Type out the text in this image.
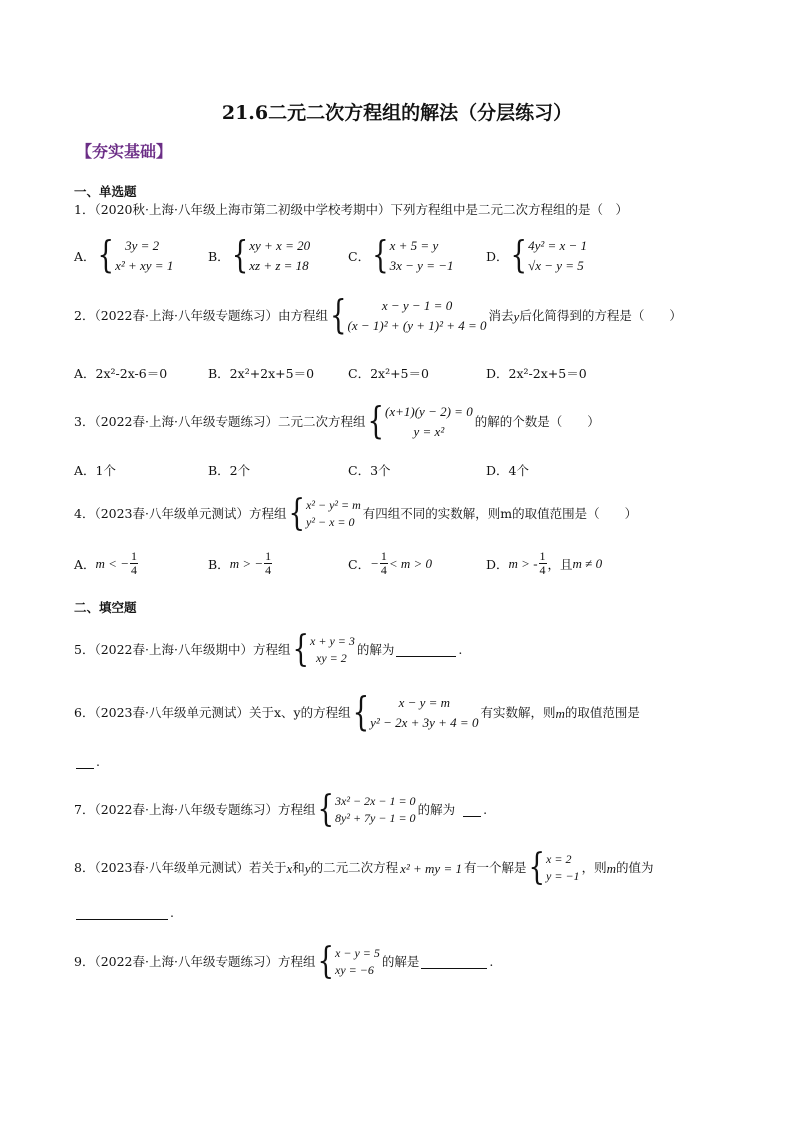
21.6二元二次方程组的解法（分层练习）
【夯实基础】
一、单选题
1．（2020秋·上海·八年级上海市第二初级中学校考期中）下列方程组中是二元二次方程组的是（　）
A． { 3y = 2
x² + xy = 1
B． { xy + x = 20
xz + z = 18
C． { x + 5 = y
3x − y = −1
D． { 4y² = x − 1
√x − y = 5
2．（2022春·上海·八年级专题练习）由方程组 {	x − y − 1 = 0
(x − 1)² + (y + 1)² + 4 = 0
消去 y 后化简得到的方程是（　　）
A．2x²-2x-6＝0	B．2x²+2x+5＝0	C．2x²+5＝0	D．2x²-2x+5＝0
3．（2022春·上海·八年级专题练习）二元二次方程组 { (x+1)(y − 2) = 0
y = x²
的解的个数是（　　）
A．1个	B．2个	C．3个	D．4个
4．（2023春·八年级单元测试）方程组 { x² − y² = m
y² − x = 0
有四组不同的实数解，则m的取值范围是（　　）
A． m < − $\frac{1}{4}$	B． m > − $\frac{1}{4}$	C． − $\frac{1}{4} < m > 0$	D． m > - $\frac{1}{4}$ ，且 m ≠ 0
二、填空题
5．（2022春·上海·八年级期中）方程组 { x + y = 3
xy = 2
的解为	.
6．（2023春·八年级单元测试）关于x、y的方程组 { x − y = m
y² − 2x + 3y + 4 = 0
有实数解，则 m 的取值范围是
.
7．（2022春·上海·八年级专题练习）方程组 { 3x² − 2x − 1 = 0
8y² + 7y − 1 = 0
的解为 .
8．（2023春·八年级单元测试）若关于 x 和 y 的二元二次方程 x² + my = 1 有一个解是 { x = 2
y = −1
，则 m 的值为
.
9．（2022春·上海·八年级专题练习）方程组 { x − y = 5
xy = −6
的解是	.
